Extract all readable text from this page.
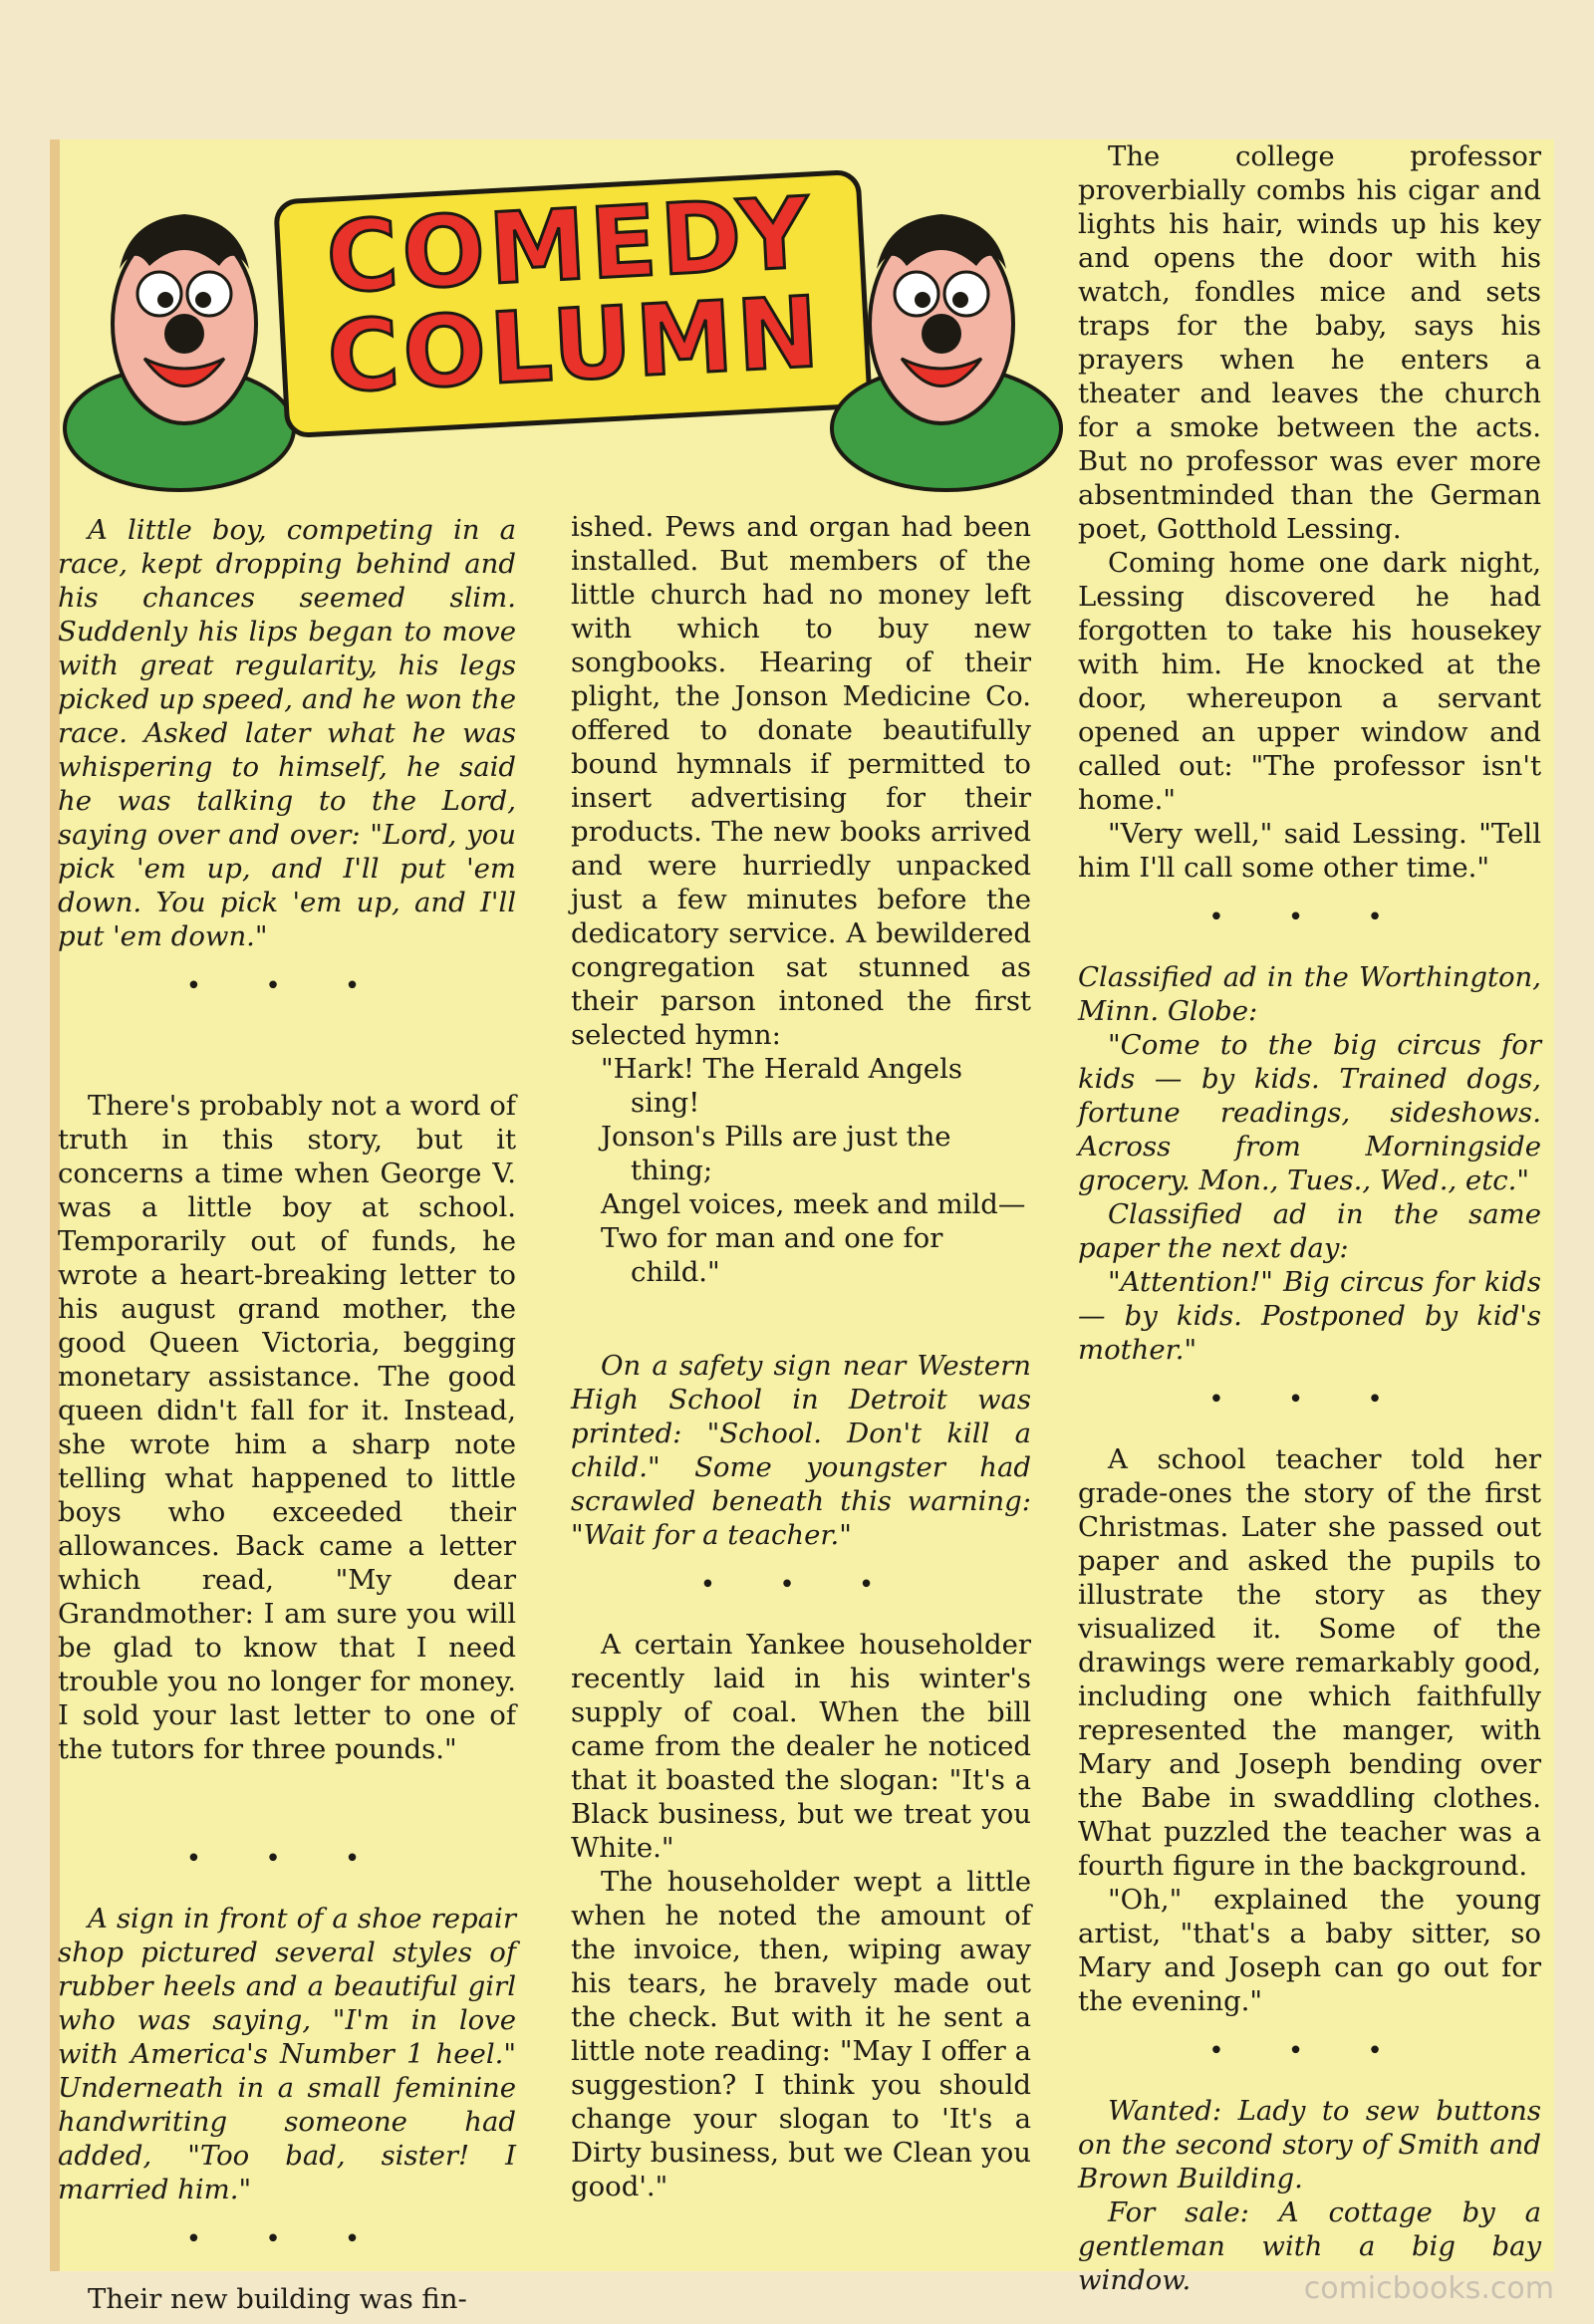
COMEDY
COLUMN

A little boy, competing in a race, kept dropping behind and his chances seemed slim. Suddenly his lips began to move with great regularity, his legs picked up speed, and he won the race. Asked later what he was whispering to himself, he said he was talking to the Lord, saying over and over: "Lord, you pick 'em up, and I'll put 'em down. You pick 'em up, and I'll put 'em down."

• • •

There's probably not a word of truth in this story, but it concerns a time when George V. was a little boy at school. Temporarily out of funds, he wrote a heart-breaking letter to his august grand mother, the good Queen Victoria, begging monetary assistance. The good queen didn't fall for it. Instead, she wrote him a sharp note telling what happened to little boys who exceeded their allowances. Back came a letter which read, "My dear Grandmother: I am sure you will be glad to know that I need trouble you no longer for money. I sold your last letter to one of the tutors for three pounds."

• • •

A sign in front of a shoe repair shop pictured several styles of rubber heels and a beautiful girl who was saying, "I'm in love with America's Number 1 heel." Underneath in a small feminine handwriting someone had added, "Too bad, sister! I married him."

• • •

Their new building was fin-

ished. Pews and organ had been installed. But members of the little church had no money left with which to buy new songbooks. Hearing of their plight, the Jonson Medicine Co. offered to donate beautifully bound hymnals if permitted to insert advertising for their products. The new books arrived and were hurriedly unpacked just a few minutes before the dedicatory service. A bewildered congregation sat stunned as their parson intoned the first selected hymn:

"Hark! The Herald Angels sing!
Jonson's Pills are just the thing;
Angel voices, meek and mild—
Two for man and one for child."

On a safety sign near Western High School in Detroit was printed: "School. Don't kill a child." Some youngster had scrawled beneath this warning: "Wait for a teacher."

• • •

A certain Yankee householder recently laid in his winter's supply of coal. When the bill came from the dealer he noticed that it boasted the slogan: "It's a Black business, but we treat you White."

The householder wept a little when he noted the amount of the invoice, then, wiping away his tears, he bravely made out the check. But with it he sent a little note reading: "May I offer a suggestion? I think you should change your slogan to 'It's a Dirty business, but we Clean you good'."

The college professor proverbially combs his cigar and lights his hair, winds up his key and opens the door with his watch, fondles mice and sets traps for the baby, says his prayers when he enters a theater and leaves the church for a smoke between the acts. But no professor was ever more absentminded than the German poet, Gotthold Lessing.

Coming home one dark night, Lessing discovered he had forgotten to take his housekey with him. He knocked at the door, whereupon a servant opened an upper window and called out: "The professor isn't home."

"Very well," said Lessing. "Tell him I'll call some other time."

• • •

Classified ad in the Worthington, Minn. Globe:

"Come to the big circus for kids — by kids. Trained dogs, fortune readings, sideshows. Across from Morningside grocery. Mon., Tues., Wed., etc."

Classified ad in the same paper the next day:

"Attention!" Big circus for kids — by kids. Postponed by kid's mother."

• • •

A school teacher told her grade-ones the story of the first Christmas. Later she passed out paper and asked the pupils to illustrate the story as they visualized it. Some of the drawings were remarkably good, including one which faithfully represented the manger, with Mary and Joseph bending over the Babe in swaddling clothes. What puzzled the teacher was a fourth figure in the background.

"Oh," explained the young artist, "that's a baby sitter, so Mary and Joseph can go out for the evening."

• • •

Wanted: Lady to sew buttons on the second story of Smith and Brown Building.

For sale: A cottage by a gentleman with a big bay window.	comicbooks.com
